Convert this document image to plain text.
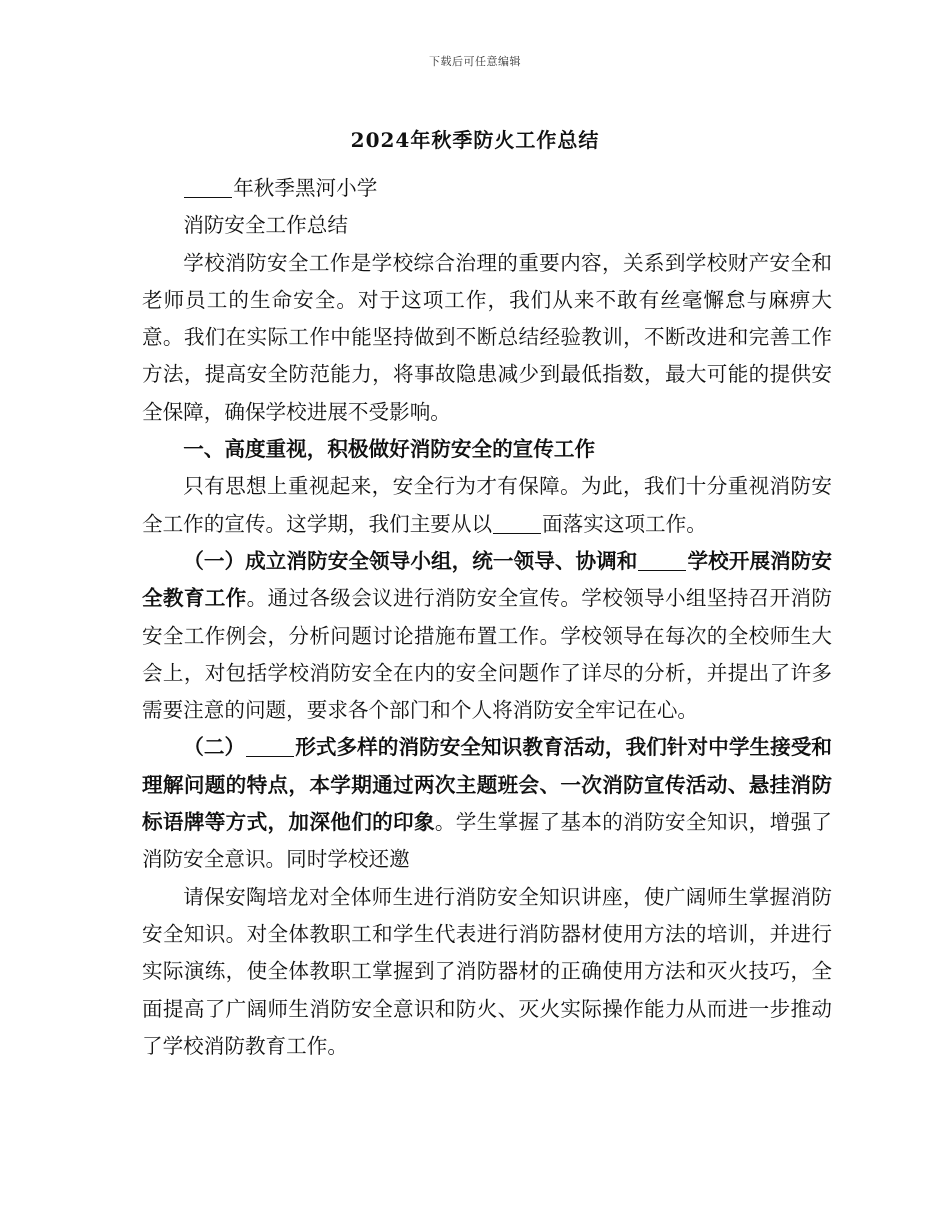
下载后可任意编辑
2024年秋季防火工作总结

年秋季黑河小学

消防安全工作总结

学校消防安全工作是学校综合治理的重要内容，关系到学校财产安全和老师员工的生命安全。对于这项工作，我们从来不敢有丝毫懈怠与麻痹大意。我们在实际工作中能坚持做到不断总结经验教训，不断改进和完善工作方法，提高安全防范能力，将事故隐患减少到最低指数，最大可能的提供安全保障，确保学校进展不受影响。

一、高度重视，积极做好消防安全的宣传工作

只有思想上重视起来，安全行为才有保障。为此，我们十分重视消防安全工作的宣传。这学期，我们主要从以 面落实这项工作。

（一）成立消防安全领导小组，统一领导、协调和 学校开展消防安全教育工作。通过各级会议进行消防安全宣传。学校领导小组坚持召开消防安全工作例会，分析问题讨论措施布置工作。学校领导在每次的全校师生大会上，对包括学校消防安全在内的安全问题作了详尽的分析，并提出了许多需要注意的问题，要求各个部门和个人将消防安全牢记在心。

（二） 形式多样的消防安全知识教育活动，我们针对中学生接受和理解问题的特点，本学期通过两次主题班会、一次消防宣传活动、悬挂消防标语牌等方式，加深他们的印象。学生掌握了基本的消防安全知识，增强了消防安全意识。同时学校还邀

请保安陶培龙对全体师生进行消防安全知识讲座，使广阔师生掌握消防安全知识。对全体教职工和学生代表进行消防器材使用方法的培训，并进行实际演练，使全体教职工掌握到了消防器材的正确使用方法和灭火技巧，全面提高了广阔师生消防安全意识和防火、灭火实际操作能力从而进一步推动了学校消防教育工作。
